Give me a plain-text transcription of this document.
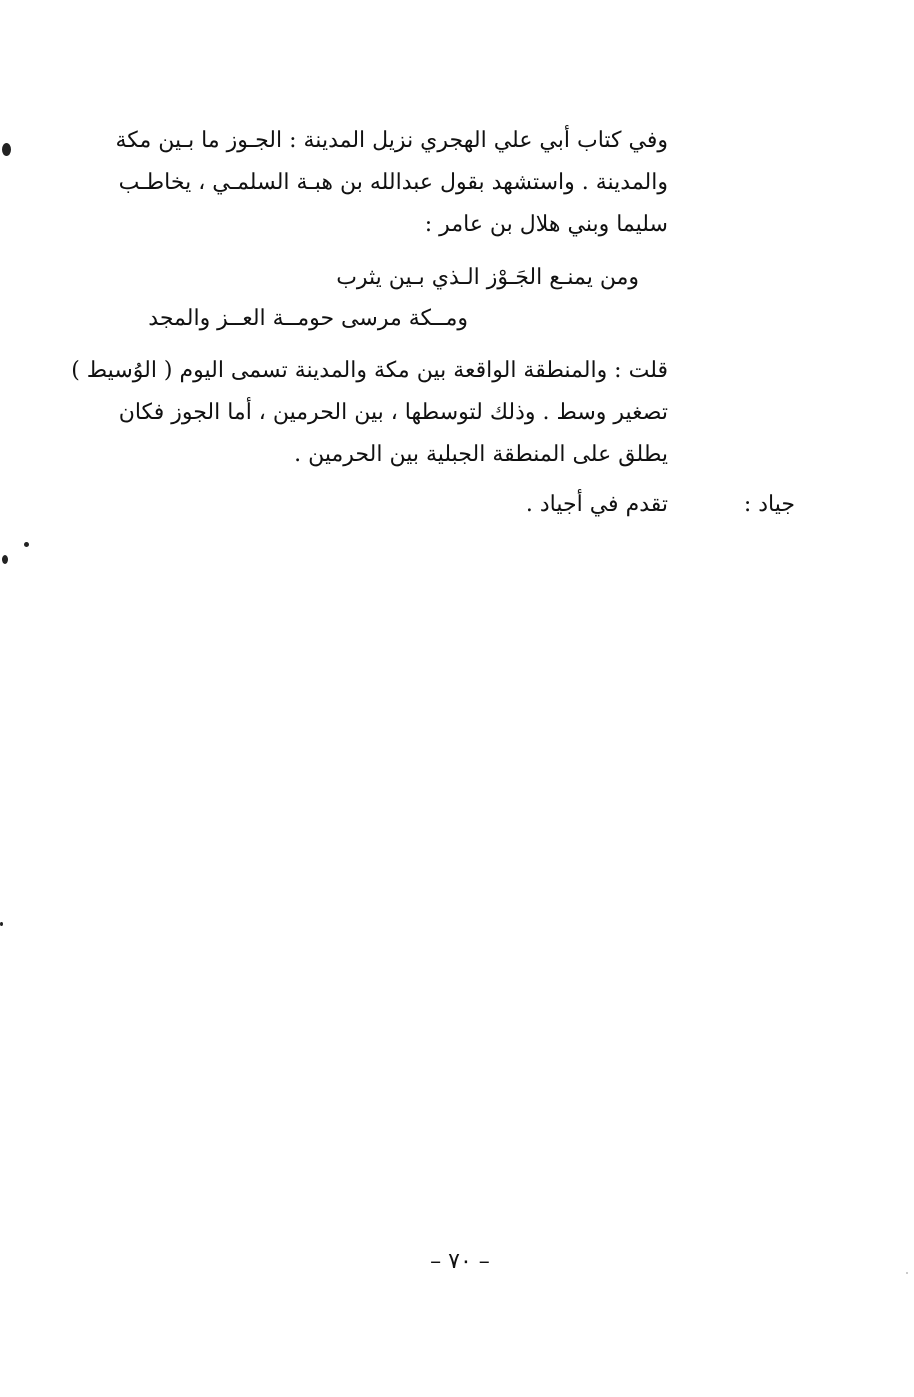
وفي كتاب أبي علي الهجري نزيل المدينة : الجـوز ما بـين مكة
والمدينة . واستشهد بقول عبدالله بن هبـة السلمـي ، يخاطـب
سليما وبني هلال بن عامر :
ومن يمنـع الجَـوْز الـذي بـين يثرب
ومــكة مرسى حومــة العــز والمجد
قلت : والمنطقة الواقعة بين مكة والمدينة تسمى اليوم ( الوُسيط )
تصغير وسط . وذلك لتوسطها ، بين الحرمين ، أما الجوز فكان
يطلق على المنطقة الجبلية بين الحرمين .
جياد :
تقدم في أجياد .
– ٧٠ –
